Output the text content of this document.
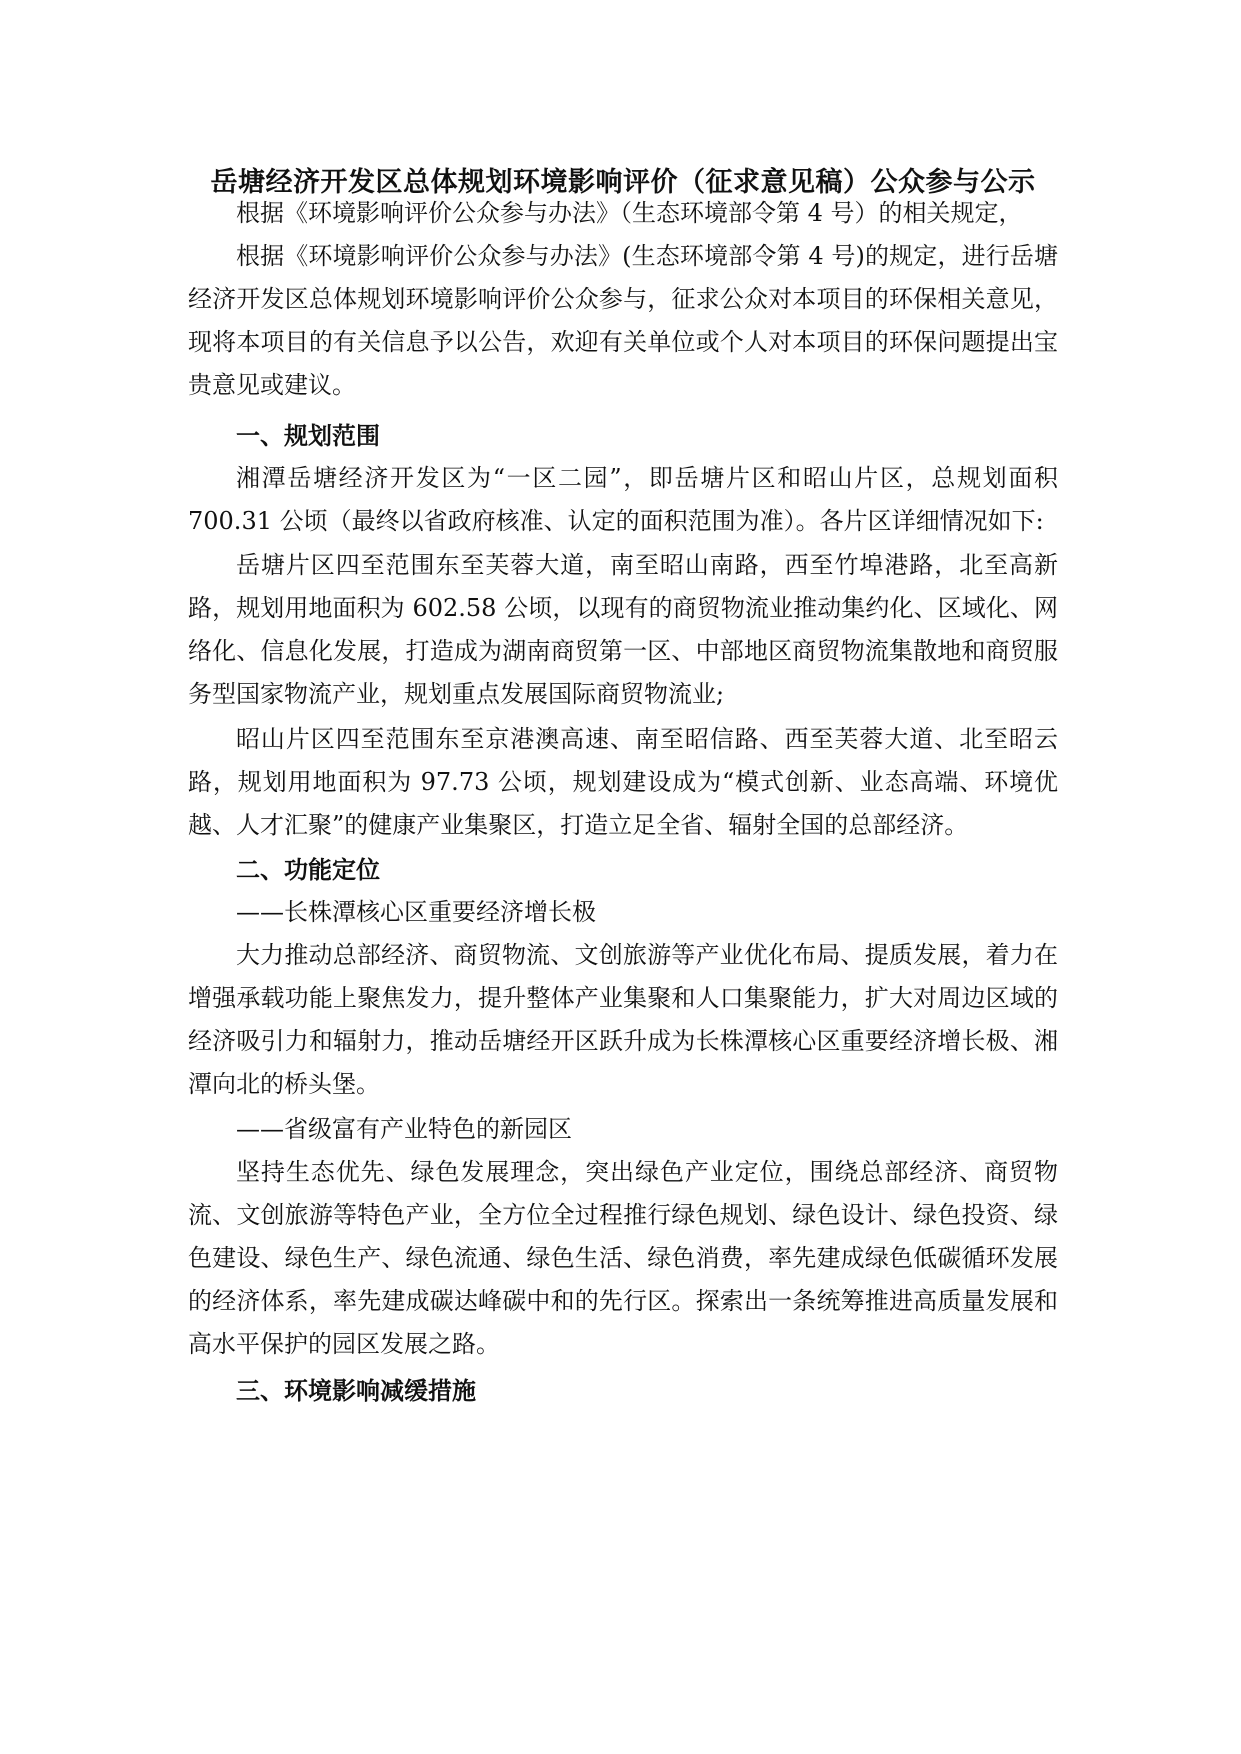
岳塘经济开发区总体规划环境影响评价（征求意见稿）公众参与公示

根据《环境影响评价公众参与办法》（生态环境部令第 4 号）的相关规定，

根据《环境影响评价公众参与办法》(生态环境部令第 4 号)的规定，进行岳塘经济开发区总体规划环境影响评价公众参与，征求公众对本项目的环保相关意见，现将本项目的有关信息予以公告，欢迎有关单位或个人对本项目的环保问题提出宝贵意见或建议。

一、规划范围

湘潭岳塘经济开发区为“一区二园”，即岳塘片区和昭山片区，总规划面积 700.31 公顷（最终以省政府核准、认定的面积范围为准）。各片区详细情况如下:

岳塘片区四至范围东至芙蓉大道，南至昭山南路，西至竹埠港路，北至高新路，规划用地面积为 602.58 公顷，以现有的商贸物流业推动集约化、区域化、网络化、信息化发展，打造成为湖南商贸第一区、中部地区商贸物流集散地和商贸服务型国家物流产业，规划重点发展国际商贸物流业;

昭山片区四至范围东至京港澳高速、南至昭信路、西至芙蓉大道、北至昭云路，规划用地面积为 97.73 公顷，规划建设成为“模式创新、业态高端、环境优越、人才汇聚”的健康产业集聚区，打造立足全省、辐射全国的总部经济。

二、功能定位

——长株潭核心区重要经济增长极

大力推动总部经济、商贸物流、文创旅游等产业优化布局、提质发展，着力在增强承载功能上聚焦发力，提升整体产业集聚和人口集聚能力，扩大对周边区域的经济吸引力和辐射力，推动岳塘经开区跃升成为长株潭核心区重要经济增长极、湘潭向北的桥头堡。

——省级富有产业特色的新园区

坚持生态优先、绿色发展理念，突出绿色产业定位，围绕总部经济、商贸物流、文创旅游等特色产业，全方位全过程推行绿色规划、绿色设计、绿色投资、绿色建设、绿色生产、绿色流通、绿色生活、绿色消费，率先建成绿色低碳循环发展的经济体系，率先建成碳达峰碳中和的先行区。探索出一条统筹推进高质量发展和高水平保护的园区发展之路。

三、环境影响减缓措施
